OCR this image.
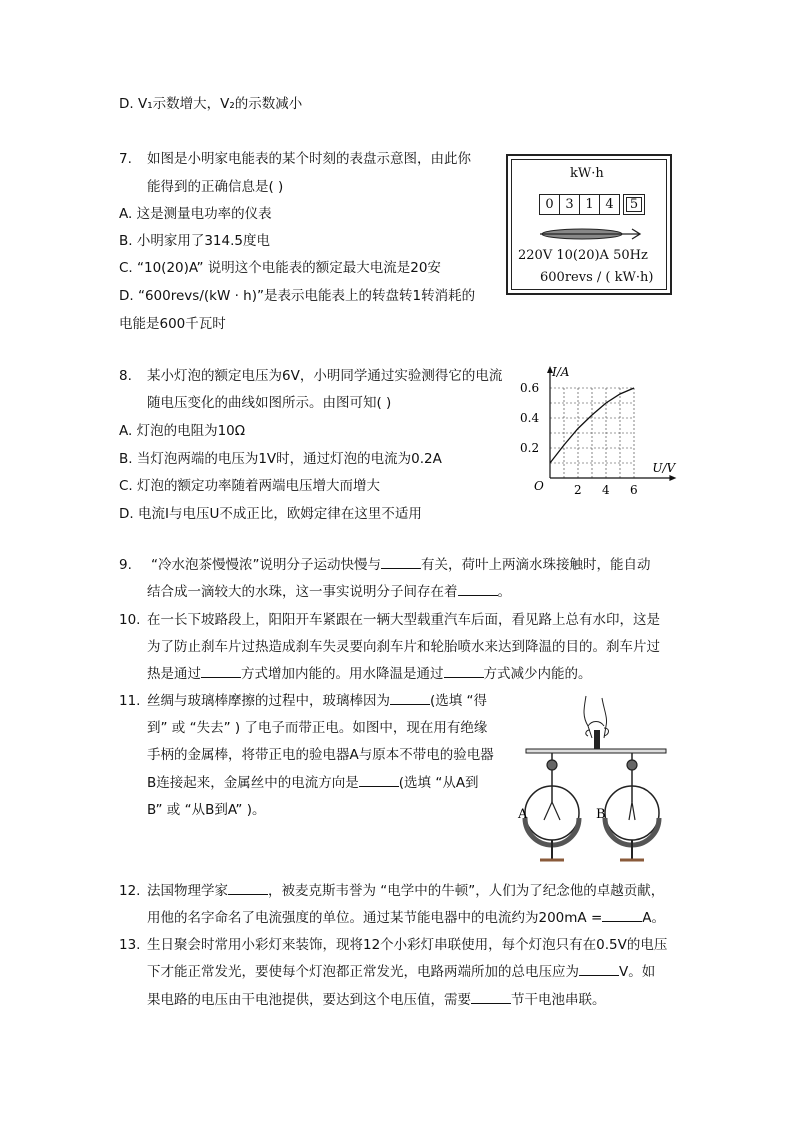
D. V₁示数增大，V₂的示数减小
7. 如图是小明家电能表的某个时刻的表盘示意图，由此你
能得到的正确信息是( )
A. 这是测量电功率的仪表
B. 小明家用了314.5度电
C. “10(20)A” 说明这个电能表的额定最大电流是20安
D. “600revs/(kW · h)”是表示电能表上的转盘转1转消耗的
电能是600千瓦时
kW·h
0 3 1 4	5
220V 10(20)A 50Hz
600revs / ( kW·h)
8. 某小灯泡的额定电压为6V，小明同学通过实验测得它的电流
随电压变化的曲线如图所示。由图可知( )
A. 灯泡的电阻为10Ω
B. 当灯泡两端的电压为1V时，通过灯泡的电流为0.2A
C. 灯泡的额定功率随着两端电压增大而增大
D. 电流I与电压U不成正比，欧姆定律在这里不适用
2 4 6
0.2
0.4
0.6
I/A
U/V
O
9. “冷水泡茶慢慢浓”说明分子运动快慢与	有关，荷叶上两滴水珠接触时，能自动
结合成一滴较大的水珠，这一事实说明分子间存在着	。
10. 在一长下坡路段上，阳阳开车紧跟在一辆大型载重汽车后面，看见路上总有水印，这是
为了防止刹车片过热造成刹车失灵要向刹车片和轮胎喷水来达到降温的目的。刹车片过
热是通过	方式增加内能的。用水降温是通过	方式减少内能的。
11. 丝绸与玻璃棒摩擦的过程中，玻璃棒因为	(选填 “得
到” 或 “失去” ) 了电子而带正电。如图中，现在用有绝缘
手柄的金属棒，将带正电的验电器A与原本不带电的验电器
B连接起来，金属丝中的电流方向是	(选填 “从A到
B” 或 “从B到A” )。	A	B
12. 法国物理学家	，被麦克斯韦誉为 “电学中的牛顿”，人们为了纪念他的卓越贡献，
用他的名字命名了电流强度的单位。通过某节能电器中的电流约为200mA =	A。
13. 生日聚会时常用小彩灯来装饰，现将12个小彩灯串联使用，每个灯泡只有在0.5V的电压
下才能正常发光，要使每个灯泡都正常发光，电路两端所加的总电压应为	V。如
果电路的电压由干电池提供，要达到这个电压值，需要	节干电池串联。
